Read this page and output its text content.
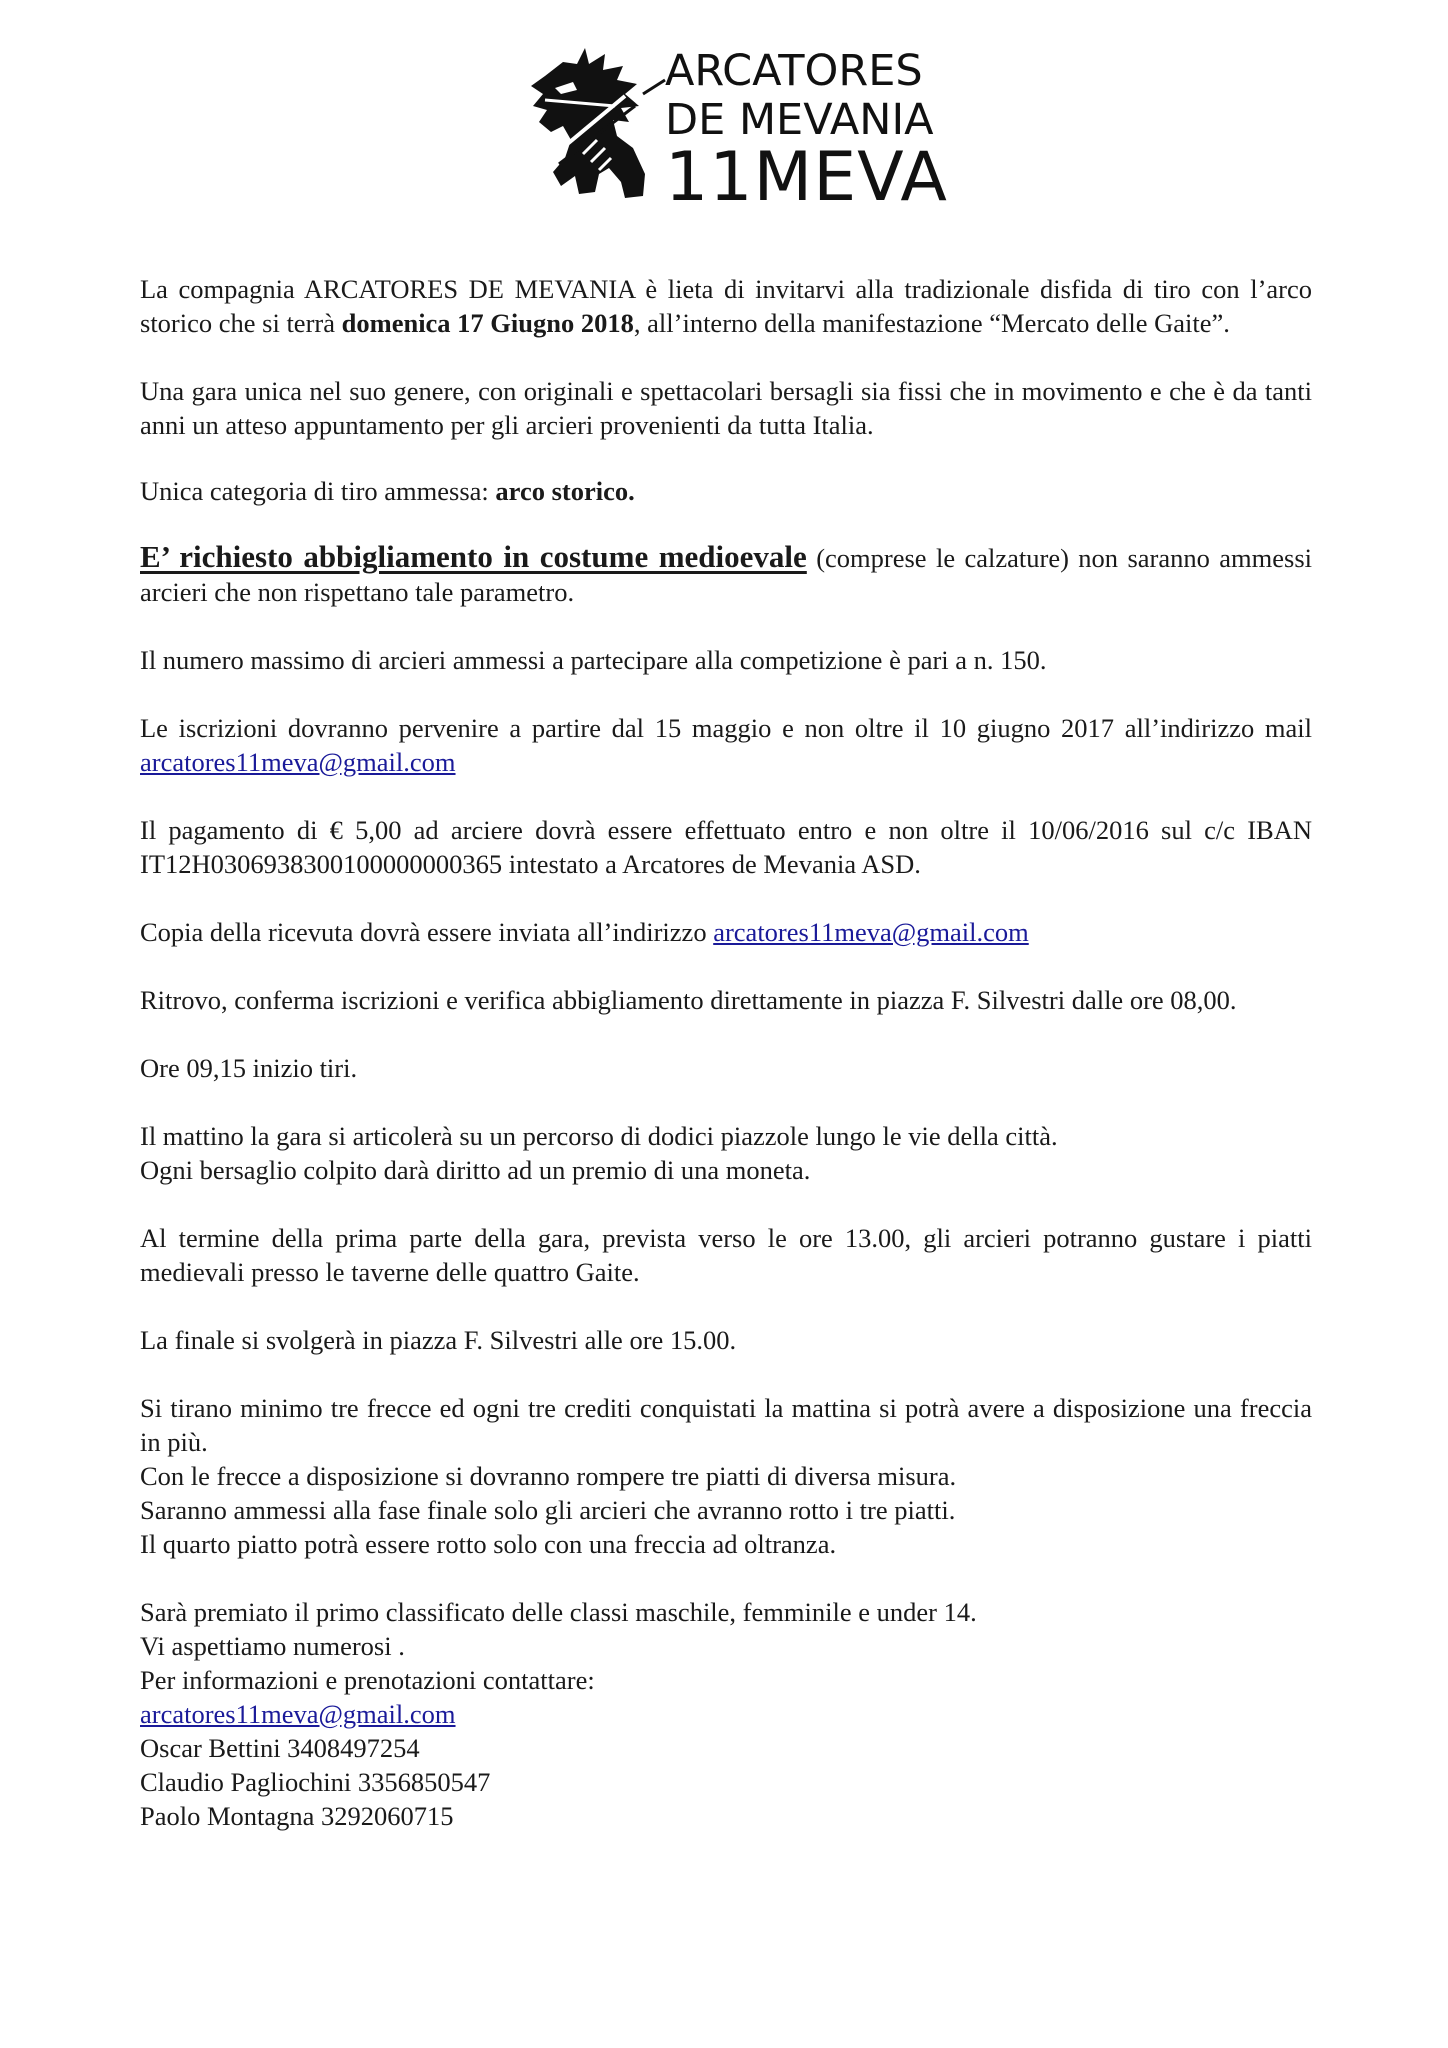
ARCATORES
DE MEVANIA
11MEVA

La compagnia ARCATORES DE MEVANIA è lieta di invitarvi alla tradizionale disfida di tiro con l’arco storico che si terrà domenica 17 Giugno 2018, all’interno della manifestazione “Mercato delle Gaite”.

Una gara unica nel suo genere, con originali e spettacolari bersagli sia fissi che in movimento e che è da tanti anni un atteso appuntamento per gli arcieri provenienti da tutta Italia.

Unica categoria di tiro ammessa: arco storico.

E’ richiesto abbigliamento in costume medioevale (comprese le calzature) non saranno ammessi arcieri che non rispettano tale parametro.

Il numero massimo di arcieri ammessi a partecipare alla competizione è pari a n. 150.

Le iscrizioni dovranno pervenire a partire dal 15 maggio e non oltre il 10 giugno 2017 all’indirizzo mail arcatores11meva@gmail.com

Il pagamento di € 5,00 ad arciere dovrà essere effettuato entro e non oltre il 10/06/2016 sul c/c IBAN IT12H0306938300100000000365 intestato a Arcatores de Mevania ASD.

Copia della ricevuta dovrà essere inviata all’indirizzo arcatores11meva@gmail.com

Ritrovo, conferma iscrizioni e verifica abbigliamento direttamente in piazza F. Silvestri dalle ore 08,00.

Ore 09,15 inizio tiri.

Il mattino la gara si articolerà su un percorso di dodici piazzole lungo le vie della città.
Ogni bersaglio colpito darà diritto ad un premio di una moneta.

Al termine della prima parte della gara, prevista verso le ore 13.00, gli arcieri potranno gustare i piatti medievali presso le taverne delle quattro Gaite.

La finale si svolgerà in piazza F. Silvestri alle ore 15.00.

Si tirano minimo tre frecce ed ogni tre crediti conquistati la mattina si potrà avere a disposizione una freccia in più.
Con le frecce a disposizione si dovranno rompere tre piatti di diversa misura.
Saranno ammessi alla fase finale solo gli arcieri che avranno rotto i tre piatti.
Il quarto piatto potrà essere rotto solo con una freccia ad oltranza.

Sarà premiato il primo classificato delle classi maschile, femminile e under 14.
Vi aspettiamo numerosi .
Per informazioni e prenotazioni contattare:
arcatores11meva@gmail.com
Oscar Bettini 3408497254
Claudio Pagliochini 3356850547
Paolo Montagna 3292060715
